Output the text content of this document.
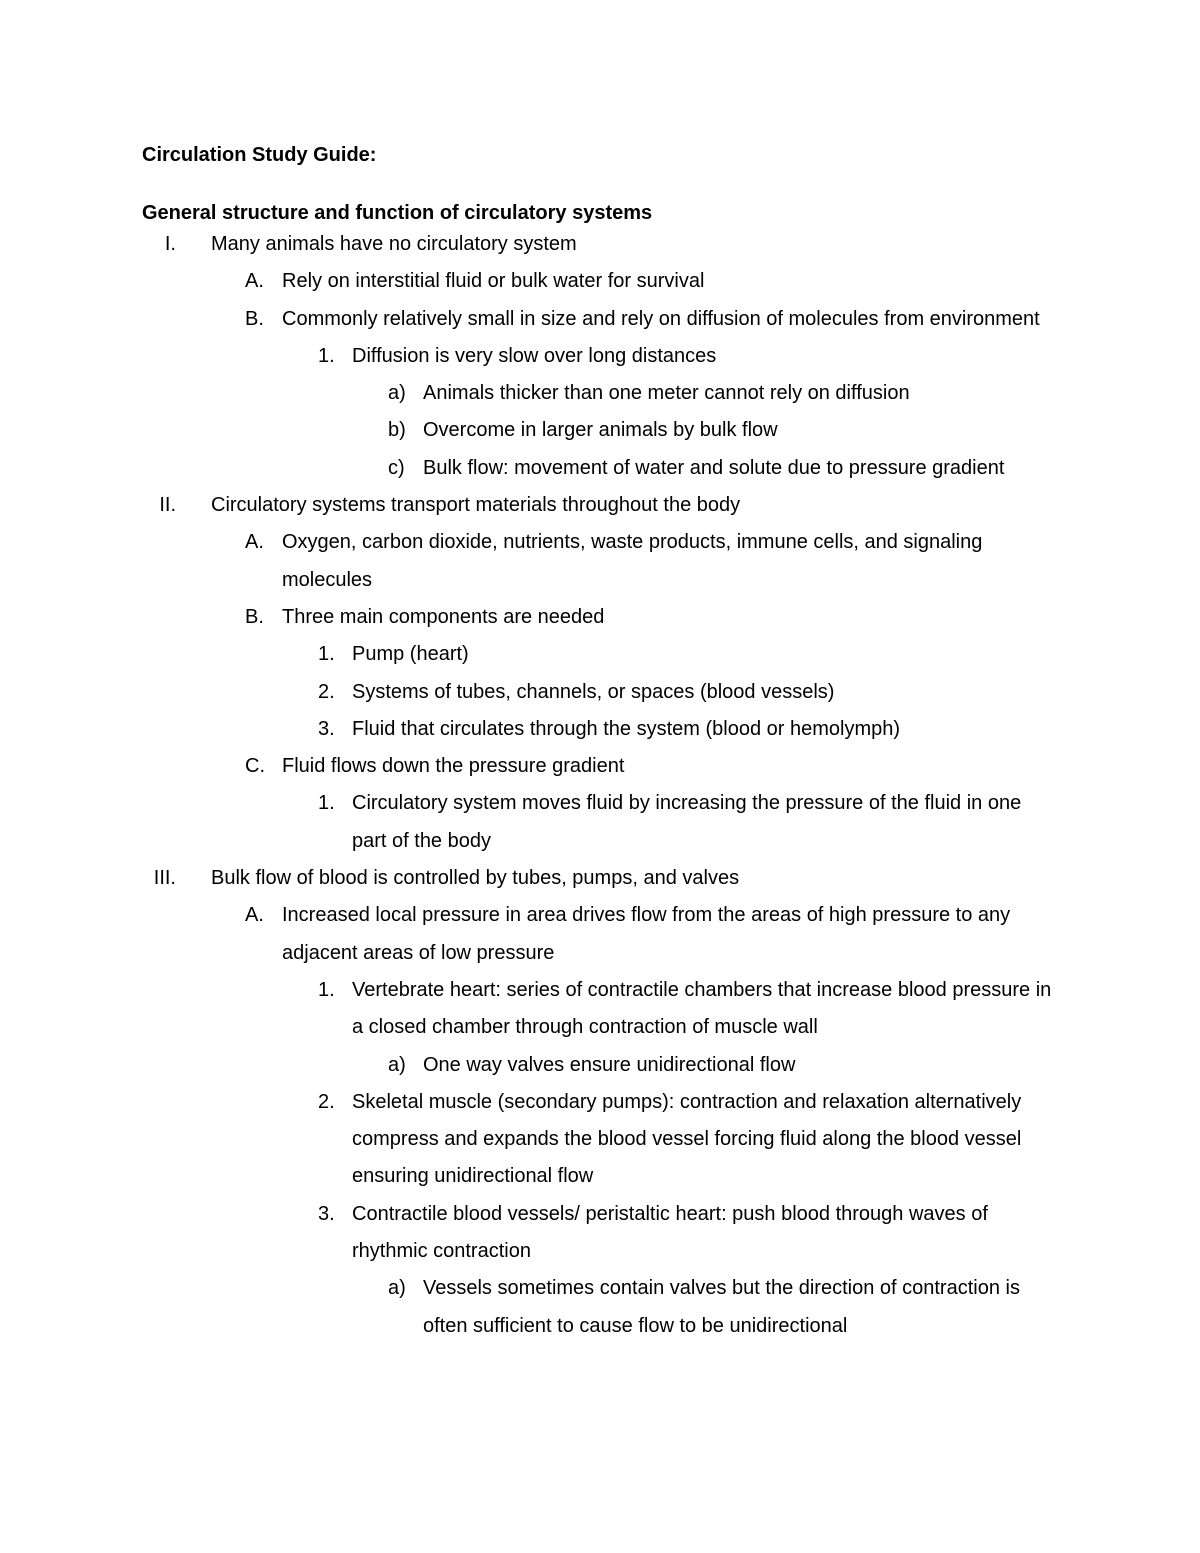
Circulation Study Guide:
General structure and function of circulatory systems
I. Many animals have no circulatory system
A. Rely on interstitial fluid or bulk water for survival
B. Commonly relatively small in size and rely on diffusion of molecules from environment
1. Diffusion is very slow over long distances
a) Animals thicker than one meter cannot rely on diffusion
b) Overcome in larger animals by bulk flow
c) Bulk flow: movement of water and solute due to pressure gradient
II. Circulatory systems transport materials throughout the body
A. Oxygen, carbon dioxide, nutrients, waste products, immune cells, and signaling molecules
B. Three main components are needed
1. Pump (heart)
2. Systems of tubes, channels, or spaces (blood vessels)
3. Fluid that circulates through the system (blood or hemolymph)
C. Fluid flows down the pressure gradient
1. Circulatory system moves fluid by increasing the pressure of the fluid in one part of the body
III. Bulk flow of blood is controlled by tubes, pumps, and valves
A. Increased local pressure in area drives flow from the areas of high pressure to any adjacent areas of low pressure
1. Vertebrate heart: series of contractile chambers that increase blood pressure in a closed chamber through contraction of muscle wall
a) One way valves ensure unidirectional flow
2. Skeletal muscle (secondary pumps): contraction and relaxation alternatively compress and expands the blood vessel forcing fluid along the blood vessel ensuring unidirectional flow
3. Contractile blood vessels/ peristaltic heart: push blood through waves of rhythmic contraction
a) Vessels sometimes contain valves but the direction of contraction is often sufficient to cause flow to be unidirectional
